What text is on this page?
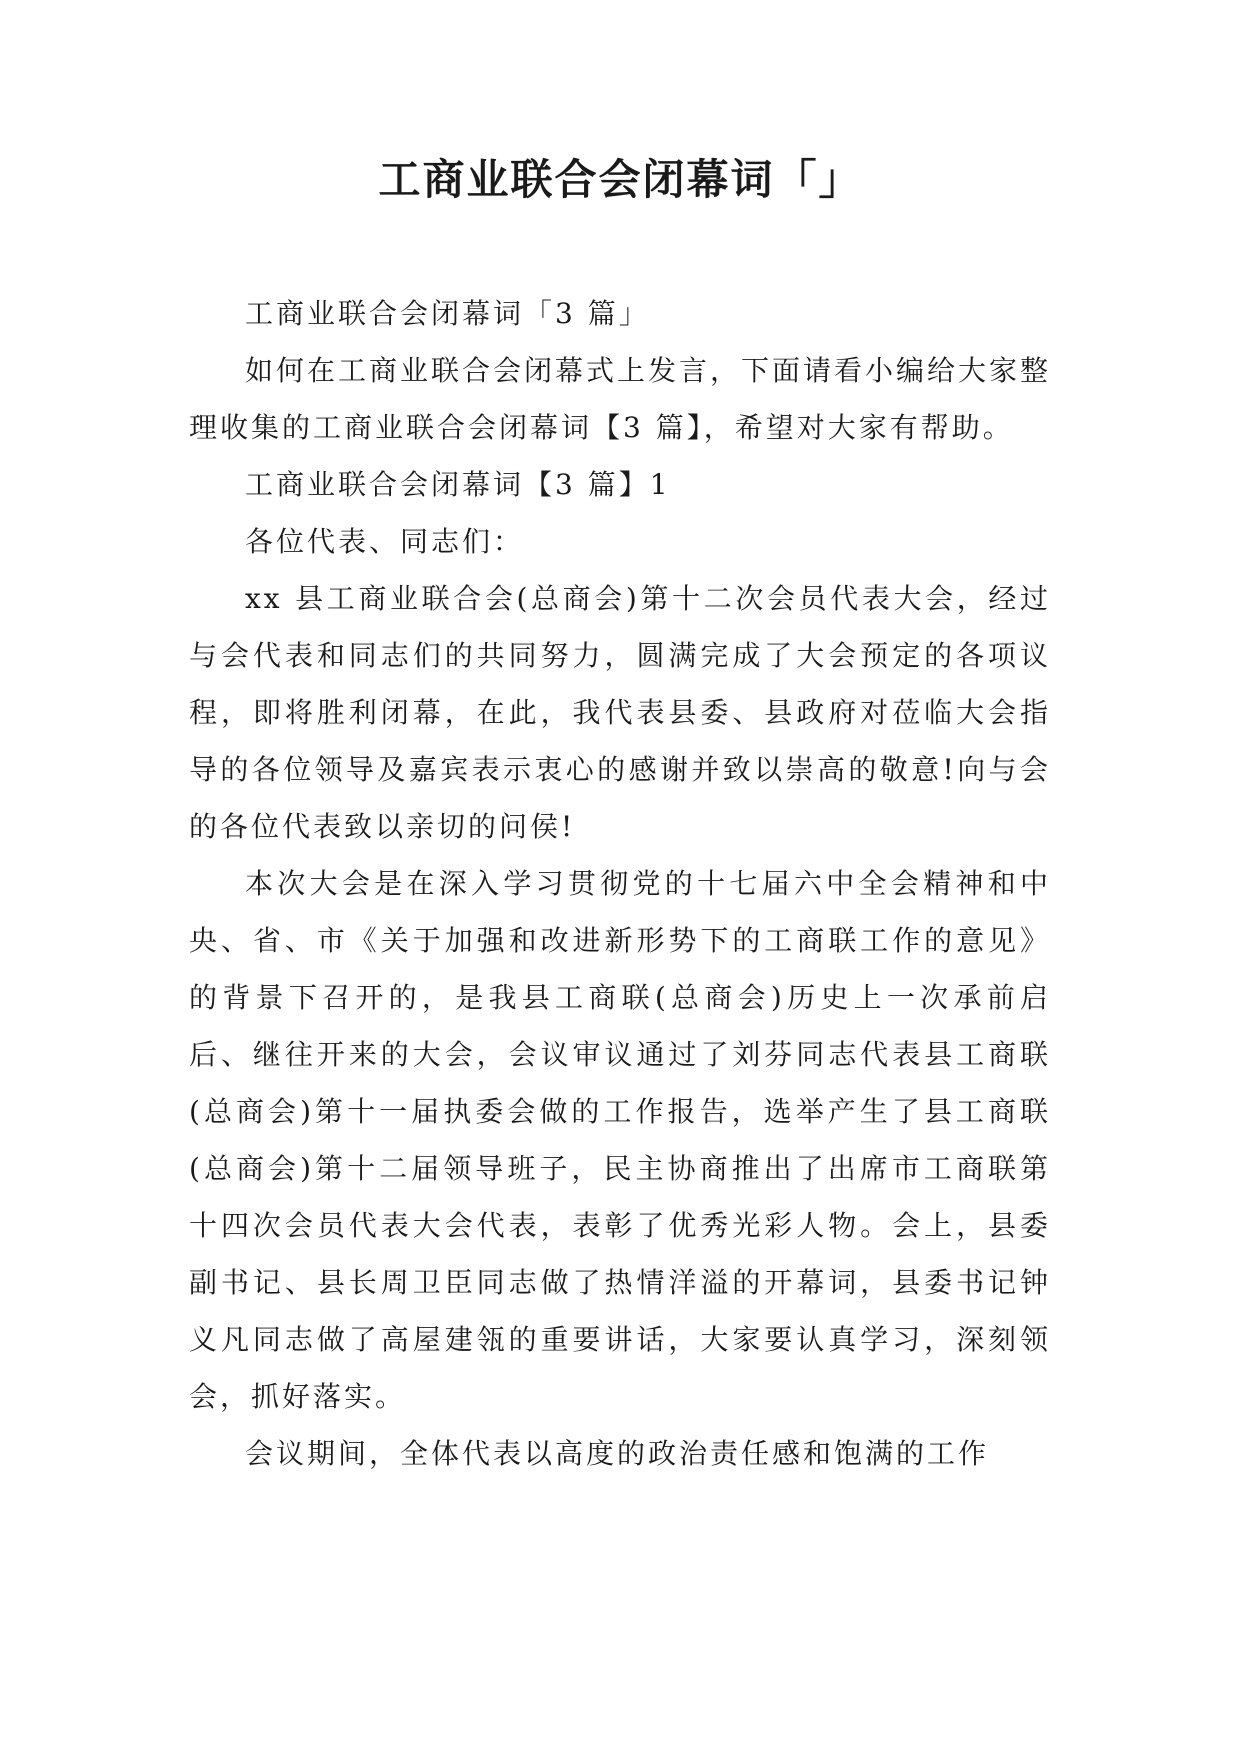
工商业联合会闭幕词「」

工商业联合会闭幕词「3 篇」

如何在工商业联合会闭幕式上发言，下面请看小编给大家整理收集的工商业联合会闭幕词【3 篇】，希望对大家有帮助。

工商业联合会闭幕词【3 篇】1

各位代表、同志们：

xx 县工商业联合会(总商会)第十二次会员代表大会，经过与会代表和同志们的共同努力，圆满完成了大会预定的各项议程，即将胜利闭幕，在此，我代表县委、县政府对莅临大会指导的各位领导及嘉宾表示衷心的感谢并致以崇高的敬意!向与会的各位代表致以亲切的问侯!

本次大会是在深入学习贯彻党的十七届六中全会精神和中央、省、市《关于加强和改进新形势下的工商联工作的意见》的背景下召开的，是我县工商联(总商会)历史上一次承前启后、继往开来的大会，会议审议通过了刘芬同志代表县工商联(总商会)第十一届执委会做的工作报告，选举产生了县工商联(总商会)第十二届领导班子，民主协商推出了出席市工商联第十四次会员代表大会代表，表彰了优秀光彩人物。会上，县委副书记、县长周卫臣同志做了热情洋溢的开幕词，县委书记钟义凡同志做了高屋建瓴的重要讲话，大家要认真学习，深刻领会，抓好落实。

会议期间，全体代表以高度的政治责任感和饱满的工作
